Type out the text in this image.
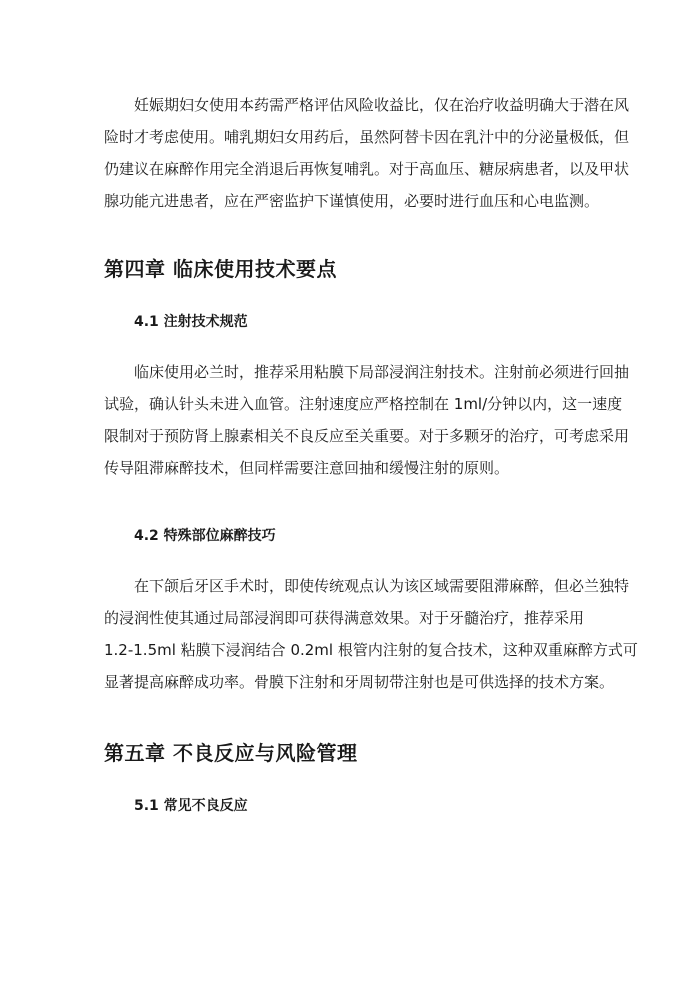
妊娠期妇女使用本药需严格评估风险收益比，仅在治疗收益明确大于潜在风
险时才考虑使用。哺乳期妇女用药后，虽然阿替卡因在乳汁中的分泌量极低，但
仍建议在麻醉作用完全消退后再恢复哺乳。对于高血压、糖尿病患者，以及甲状
腺功能亢进患者，应在严密监护下谨慎使用，必要时进行血压和心电监测。

第四章 临床使用技术要点
4.1 注射技术规范

临床使用必兰时，推荐采用粘膜下局部浸润注射技术。注射前必须进行回抽
试验，确认针头未进入血管。注射速度应严格控制在 1ml/分钟以内，这一速度
限制对于预防肾上腺素相关不良反应至关重要。对于多颗牙的治疗，可考虑采用
传导阻滞麻醉技术，但同样需要注意回抽和缓慢注射的原则。

4.2 特殊部位麻醉技巧

在下颌后牙区手术时，即使传统观点认为该区域需要阻滞麻醉，但必兰独特
的浸润性使其通过局部浸润即可获得满意效果。对于牙髓治疗，推荐采用
1.2-1.5ml 粘膜下浸润结合 0.2ml 根管内注射的复合技术，这种双重麻醉方式可
显著提高麻醉成功率。骨膜下注射和牙周韧带注射也是可供选择的技术方案。

第五章 不良反应与风险管理
5.1 常见不良反应
